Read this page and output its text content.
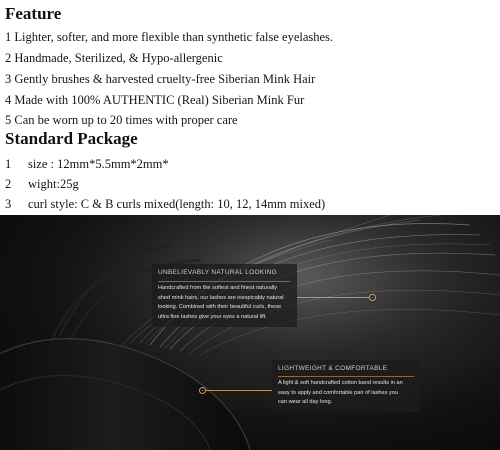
Feature
1 Lighter, softer, and more flexible than synthetic false eyelashes.
2 Handmade, Sterilized, & Hypo-allergenic
3 Gently brushes & harvested cruelty-free Siberian Mink Hair
4 Made with 100% AUTHENTIC (Real) Siberian Mink Fur
5 Can be worn up to 20 times with proper care
Standard Package
1 size : 12mm*5.5mm*2mm*
2 wight:25g
3 curl style: C & B curls mixed(length: 10, 12, 14mm mixed)
UNBELIEVABLY NATURAL LOOKING
Handcrafted from the softest and finest naturally
shed mink hairs, our lashes are inexpicably natural
looking. Combined with their beautiful curls, these
ultra fine lashes give your eyes a natural lift.
LIGHTWEIGHT & COMFORTABLE
A light & soft handcrafted cotton band results in an
easy to apply and comfortable pair of lashes you
can wear all day long.
